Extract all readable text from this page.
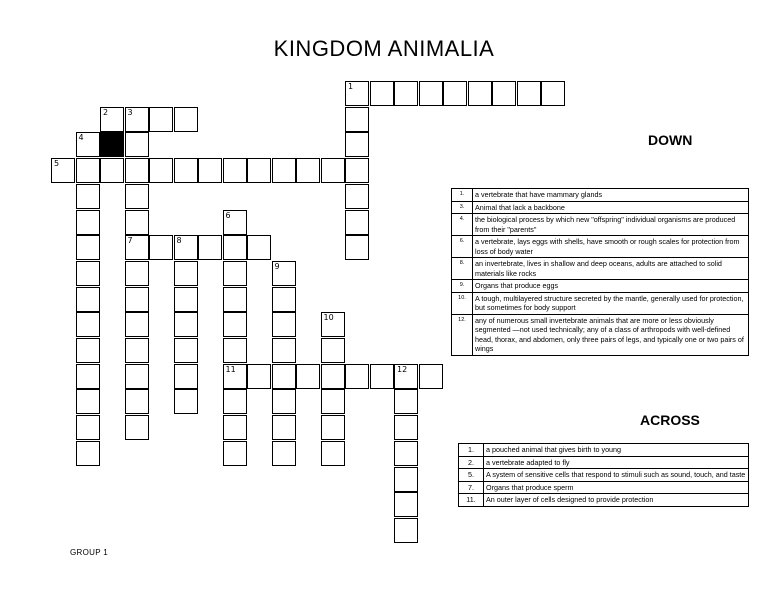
KINGDOM ANIMALIA
1
2 3
7
4
5
6
11
8
9
10
12
DOWN
1.	a vertebrate that have mammary glands
3.	Animal that lack a backbone
4.	the biological process by which new "offspring" individual organisms are produced from their "parents"
6.	a vertebrate, lays eggs with shells, have smooth or rough scales for protection from loss of body water
8.	an invertebrate, lives in shallow and deep oceans, adults are attached to solid materials like rocks
9.	Organs that produce eggs
10.	A tough, multilayered structure secreted by the mantle, generally used for protection, but sometimes for body support
12.	any of numerous small invertebrate animals that are more or less obviously segmented —not used technically; any of a class of arthropods with well-defined head, thorax, and abdomen, only three pairs of legs, and typically one or two pairs of wings
ACROSS
1.	a pouched animal that gives birth to young
2.	a vertebrate adapted to fly
5.	A system of sensitive cells that respond to stimuli such as sound, touch, and taste
7.	Organs that produce sperm
11.	An outer layer of cells designed to provide protection
GROUP 1
